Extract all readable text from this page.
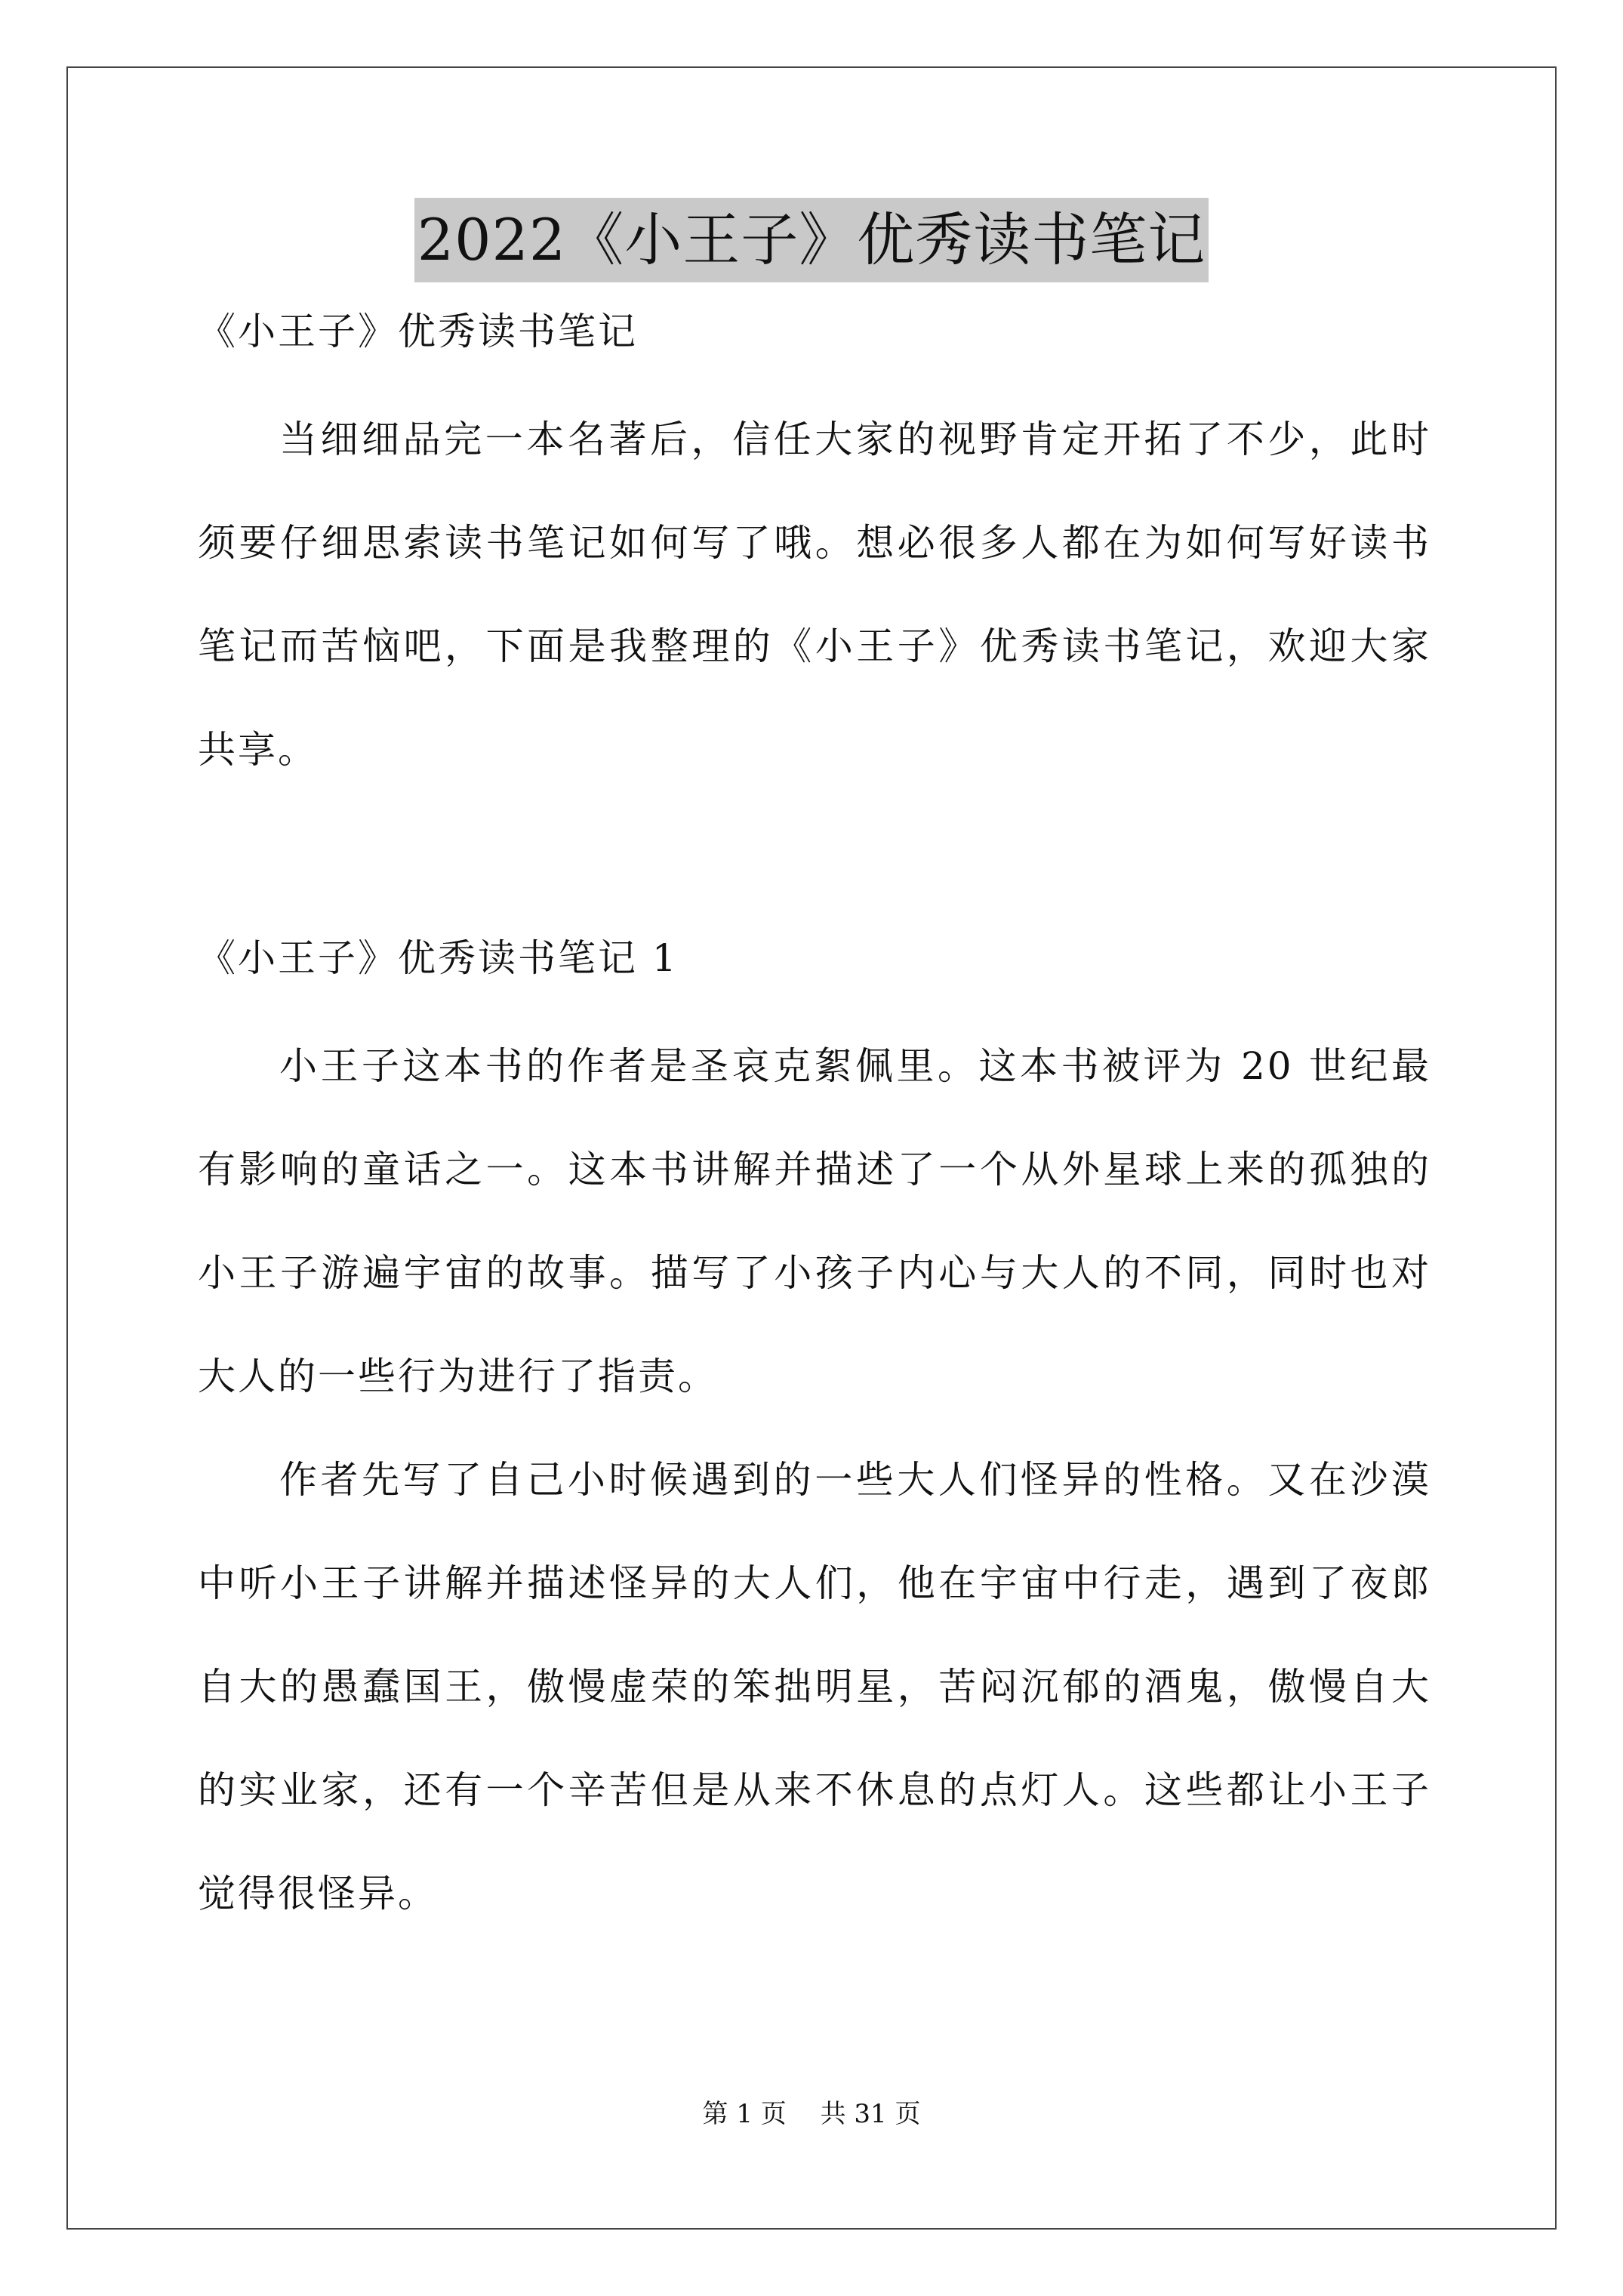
2022《小王子》优秀读书笔记

《小王子》优秀读书笔记

当细细品完一本名著后，信任大家的视野肯定开拓了不少，此时须要仔细思索读书笔记如何写了哦。想必很多人都在为如何写好读书笔记而苦恼吧，下面是我整理的《小王子》优秀读书笔记，欢迎大家共享。

《小王子》优秀读书笔记 1

小王子这本书的作者是圣哀克絮佩里。这本书被评为 20 世纪最有影响的童话之一。这本书讲解并描述了一个从外星球上来的孤独的小王子游遍宇宙的故事。描写了小孩子内心与大人的不同，同时也对大人的一些行为进行了指责。

作者先写了自己小时候遇到的一些大人们怪异的性格。又在沙漠中听小王子讲解并描述怪异的大人们，他在宇宙中行走，遇到了夜郎自大的愚蠢国王，傲慢虚荣的笨拙明星，苦闷沉郁的酒鬼，傲慢自大的实业家，还有一个辛苦但是从来不休息的点灯人。这些都让小王子觉得很怪异。

第 1 页 共 31 页
